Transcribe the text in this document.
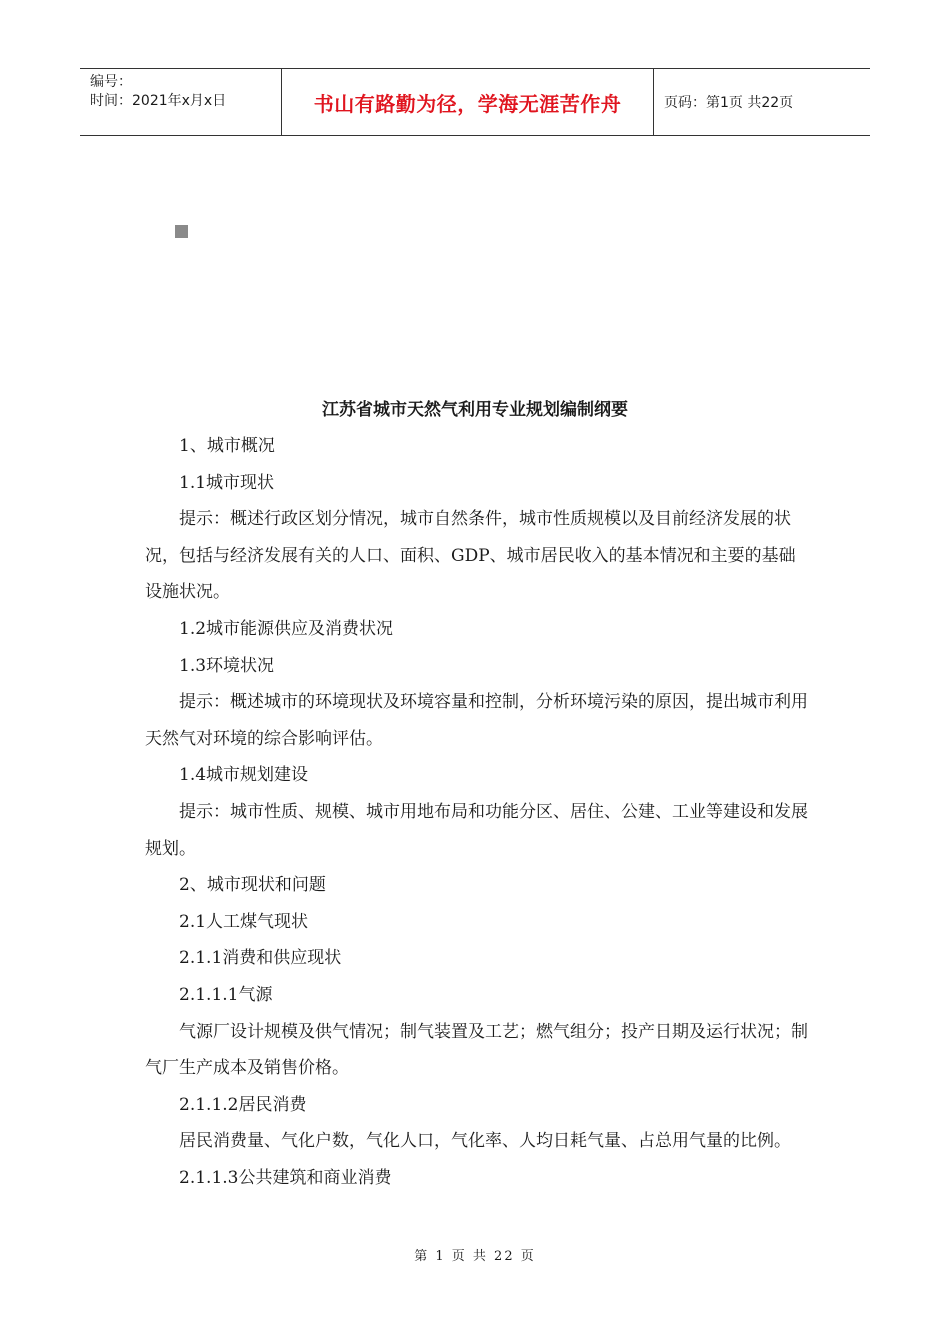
编号：
时间：2021年x月x日	书山有路勤为径，学海无涯苦作舟	页码：第1页 共22页
江苏省城市天然气利用专业规划编制纲要

1、城市概况

1.1城市现状

提示：概述行政区划分情况，城市自然条件，城市性质规模以及目前经济发展的状况，包括与经济发展有关的人口、面积、GDP、城市居民收入的基本情况和主要的基础设施状况。

1.2城市能源供应及消费状况

1.3环境状况

提示：概述城市的环境现状及环境容量和控制，分析环境污染的原因，提出城市利用天然气对环境的综合影响评估。

1.4城市规划建设

提示：城市性质、规模、城市用地布局和功能分区、居住、公建、工业等建设和发展规划。

2、城市现状和问题

2.1人工煤气现状

2.1.1消费和供应现状

2.1.1.1气源

气源厂设计规模及供气情况；制气装置及工艺；燃气组分；投产日期及运行状况；制气厂生产成本及销售价格。

2.1.1.2居民消费

居民消费量、气化户数，气化人口，气化率、人均日耗气量、占总用气量的比例。

2.1.1.3公共建筑和商业消费

第 1 页 共 22 页
